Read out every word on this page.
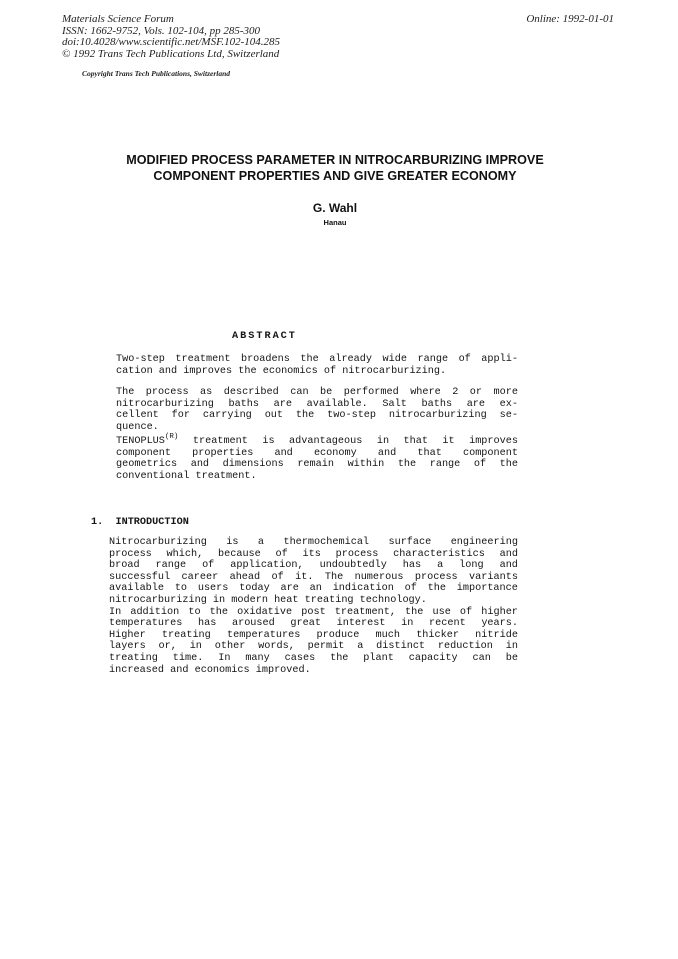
Materials Science Forum
ISSN: 1662-9752, Vols. 102-104, pp 285-300
doi:10.4028/www.scientific.net/MSF.102-104.285
© 1992 Trans Tech Publications Ltd, Switzerland
Online: 1992-01-01
Copyright Trans Tech Publications, Switzerland
MODIFIED PROCESS PARAMETER IN NITROCARBURIZING IMPROVE
COMPONENT PROPERTIES AND GIVE GREATER ECONOMY
G. Wahl
Hanau
ABSTRACT
Two-step treatment broadens the already wide range of appli-
cation and improves the economics of nitrocarburizing.
The process as described can be performed where 2 or more
nitrocarburizing baths are available. Salt baths are ex-
cellent for carrying out the two-step nitrocarburizing se-
quence.
$TENOPLUS^{(R)}$ treatment is advantageous in that it improves
component properties and economy and that component
geometrics and dimensions remain within the range of the
conventional treatment.
1. INTRODUCTION
Nitrocarburizing is a thermochemical surface engineering
process which, because of its process characteristics and
broad range of application, undoubtedly has a long and
successful career ahead of it. The numerous process variants
available to users today are an indication of the importance
nitrocarburizing in modern heat treating technology.
In addition to the oxidative post treatment, the use of higher
temperatures has aroused great interest in recent years.
Higher treating temperatures produce much thicker nitride
layers or, in other words, permit a distinct reduction in
treating time. In many cases the plant capacity can be
increased and economics improved.
